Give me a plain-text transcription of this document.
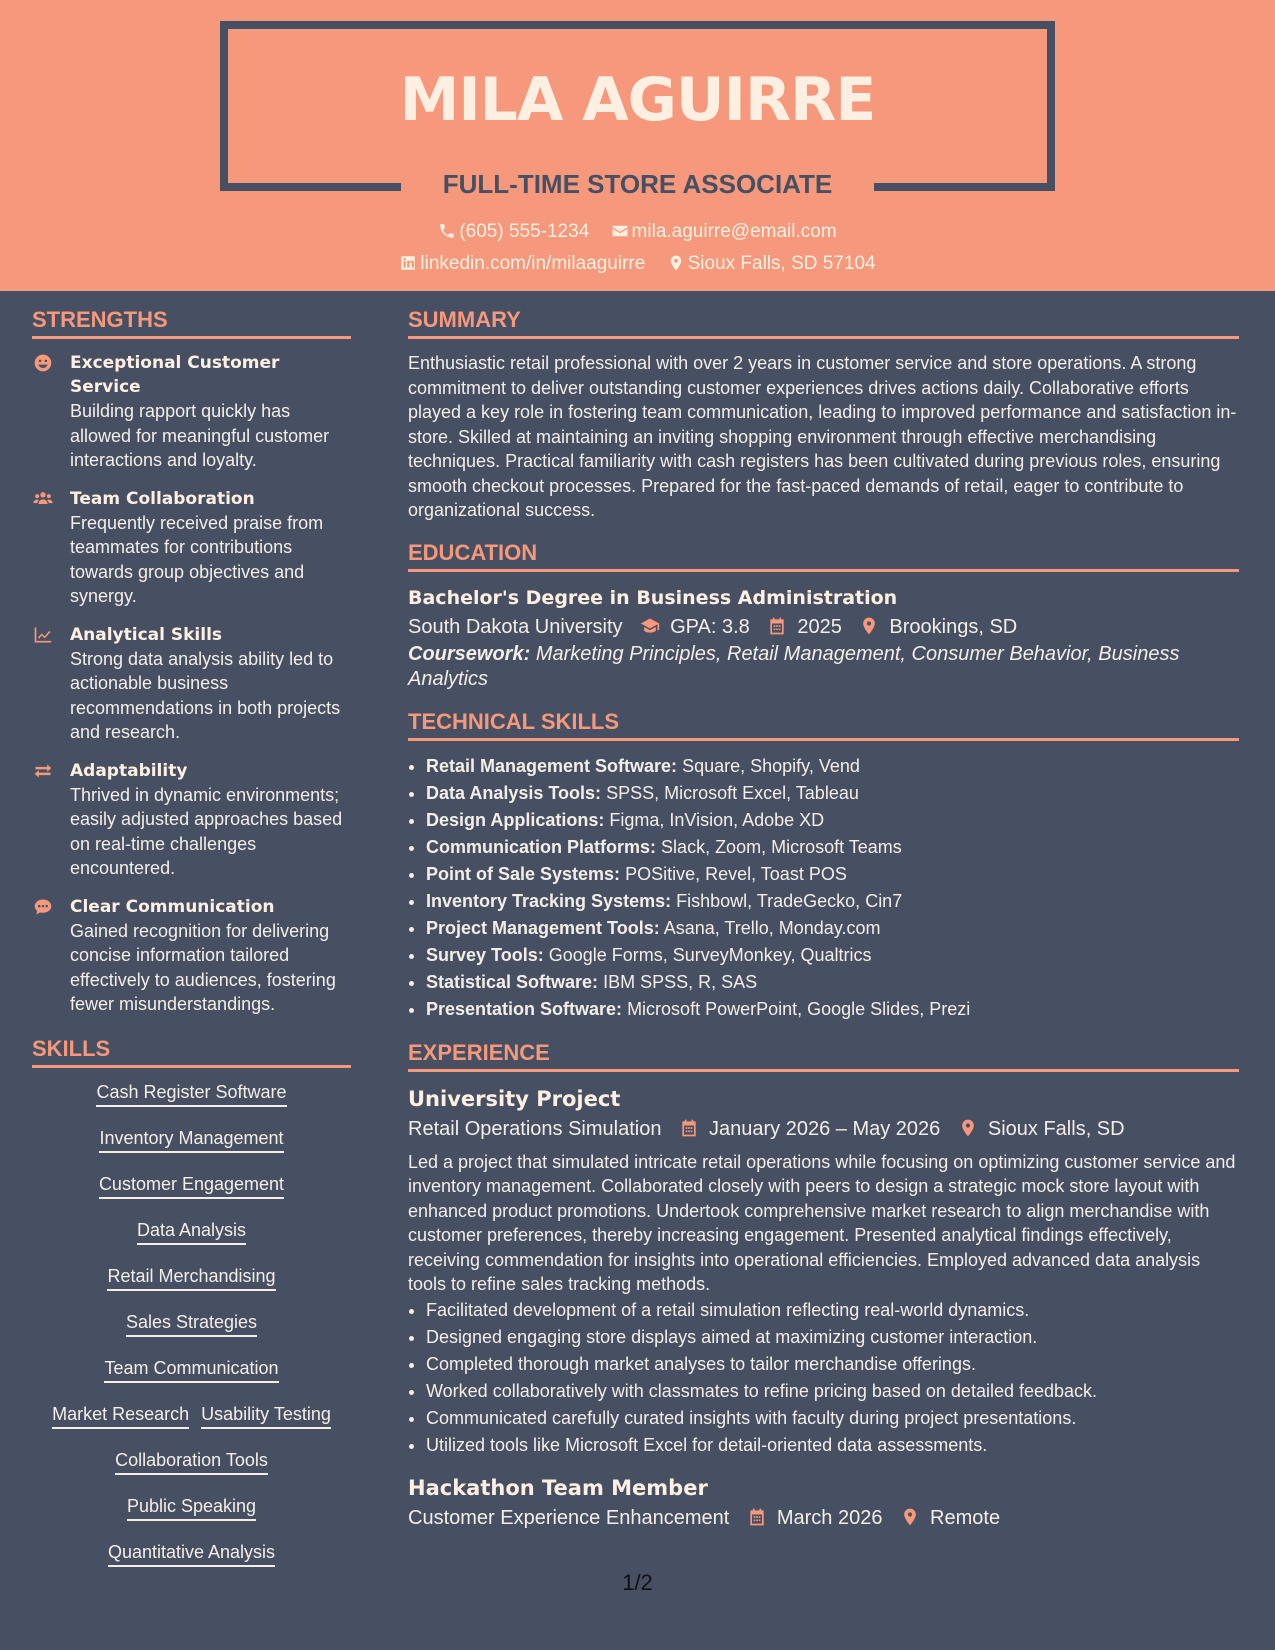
MILA AGUIRRE
FULL-TIME STORE ASSOCIATE
(605) 555-1234 mila.aguirre@email.com
linkedin.com/in/milaaguirre Sioux Falls, SD 57104
STRENGTHS
Exceptional Customer Service
Building rapport quickly has allowed for meaningful customer interactions and loyalty.
Team Collaboration
Frequently received praise from teammates for contributions towards group objectives and synergy.
Analytical Skills
Strong data analysis ability led to actionable business recommendations in both projects and research.
Adaptability
Thrived in dynamic environments; easily adjusted approaches based on real-time challenges encountered.
Clear Communication
Gained recognition for delivering concise information tailored effectively to audiences, fostering fewer misunderstandings.
SKILLS
Cash Register Software
Inventory Management
Customer Engagement
Data Analysis
Retail Merchandising
Sales Strategies
Team Communication
Market Research Usability Testing
Collaboration Tools
Public Speaking
Quantitative Analysis
SUMMARY
Enthusiastic retail professional with over 2 years in customer service and store operations. A strong commitment to deliver outstanding customer experiences drives actions daily. Collaborative efforts played a key role in fostering team communication, leading to improved performance and satisfaction in-store. Skilled at maintaining an inviting shopping environment through effective merchandising techniques. Practical familiarity with cash registers has been cultivated during previous roles, ensuring smooth checkout processes. Prepared for the fast-paced demands of retail, eager to contribute to organizational success.
EDUCATION
Bachelor's Degree in Business Administration
South Dakota University GPA: 3.8 2025 Brookings, SD
Coursework: Marketing Principles, Retail Management, Consumer Behavior, Business Analytics
TECHNICAL SKILLS
• Retail Management Software: Square, Shopify, Vend
• Data Analysis Tools: SPSS, Microsoft Excel, Tableau
• Design Applications: Figma, InVision, Adobe XD
• Communication Platforms: Slack, Zoom, Microsoft Teams
• Point of Sale Systems: POSitive, Revel, Toast POS
• Inventory Tracking Systems: Fishbowl, TradeGecko, Cin7
• Project Management Tools: Asana, Trello, Monday.com
• Survey Tools: Google Forms, SurveyMonkey, Qualtrics
• Statistical Software: IBM SPSS, R, SAS
• Presentation Software: Microsoft PowerPoint, Google Slides, Prezi
EXPERIENCE
University Project
Retail Operations Simulation January 2026 – May 2026 Sioux Falls, SD
Led a project that simulated intricate retail operations while focusing on optimizing customer service and inventory management. Collaborated closely with peers to design a strategic mock store layout with enhanced product promotions. Undertook comprehensive market research to align merchandise with customer preferences, thereby increasing engagement. Presented analytical findings effectively, receiving commendation for insights into operational efficiencies. Employed advanced data analysis tools to refine sales tracking methods.
• Facilitated development of a retail simulation reflecting real-world dynamics.
• Designed engaging store displays aimed at maximizing customer interaction.
• Completed thorough market analyses to tailor merchandise offerings.
• Worked collaboratively with classmates to refine pricing based on detailed feedback.
• Communicated carefully curated insights with faculty during project presentations.
• Utilized tools like Microsoft Excel for detail-oriented data assessments.
Hackathon Team Member
Customer Experience Enhancement March 2026 Remote
1/2
